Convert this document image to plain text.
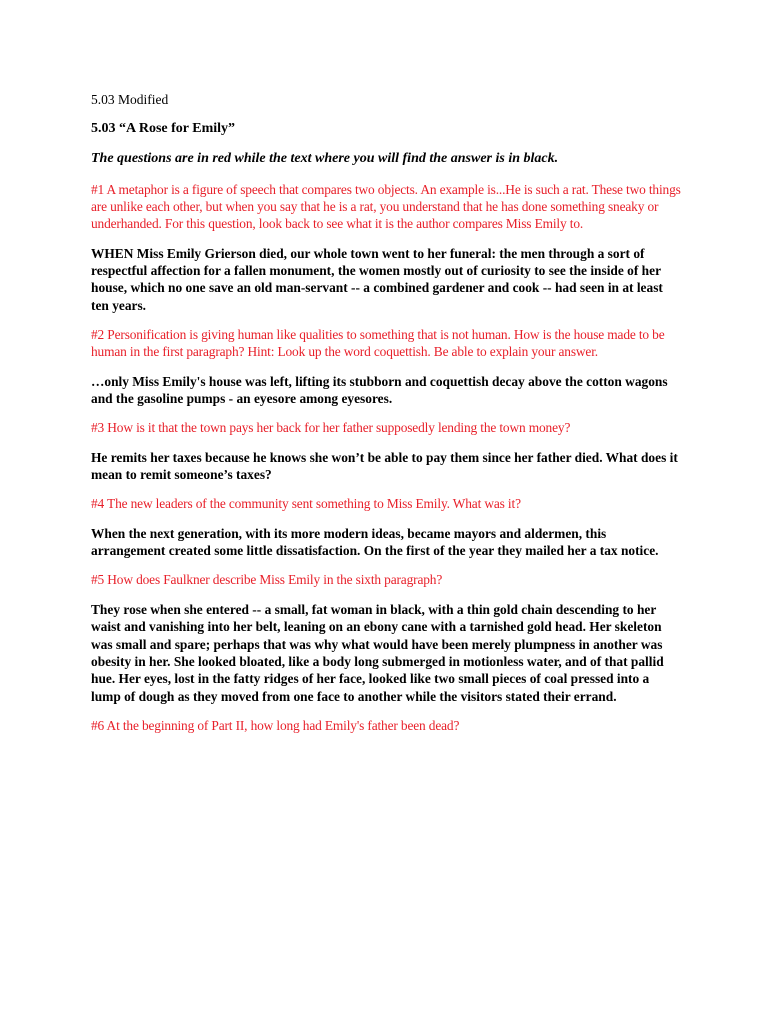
5.03 Modified

5.03 “A Rose for Emily”

The questions are in red while the text where you will find the answer is in black.

#1 A metaphor is a figure of speech that compares two objects. An example is...He is such a rat. These two things are unlike each other, but when you say that he is a rat, you understand that he has done something sneaky or underhanded. For this question, look back to see what it is the author compares Miss Emily to.

WHEN Miss Emily Grierson died, our whole town went to her funeral: the men through a sort of respectful affection for a fallen monument, the women mostly out of curiosity to see the inside of her house, which no one save an old man-servant -- a combined gardener and cook -- had seen in at least ten years.

#2 Personification is giving human like qualities to something that is not human. How is the house made to be human in the first paragraph? Hint: Look up the word coquettish. Be able to explain your answer.

…only Miss Emily's house was left, lifting its stubborn and coquettish decay above the cotton wagons and the gasoline pumps - an eyesore among eyesores.

#3 How is it that the town pays her back for her father supposedly lending the town money?

He remits her taxes because he knows she won’t be able to pay them since her father died. What does it mean to remit someone’s taxes?

#4 The new leaders of the community sent something to Miss Emily. What was it?

When the next generation, with its more modern ideas, became mayors and aldermen, this arrangement created some little dissatisfaction. On the first of the year they mailed her a tax notice.

#5 How does Faulkner describe Miss Emily in the sixth paragraph?

They rose when she entered -- a small, fat woman in black, with a thin gold chain descending to her waist and vanishing into her belt, leaning on an ebony cane with a tarnished gold head. Her skeleton was small and spare; perhaps that was why what would have been merely plumpness in another was obesity in her. She looked bloated, like a body long submerged in motionless water, and of that pallid hue. Her eyes, lost in the fatty ridges of her face, looked like two small pieces of coal pressed into a lump of dough as they moved from one face to another while the visitors stated their errand.

#6 At the beginning of Part II, how long had Emily's father been dead?
